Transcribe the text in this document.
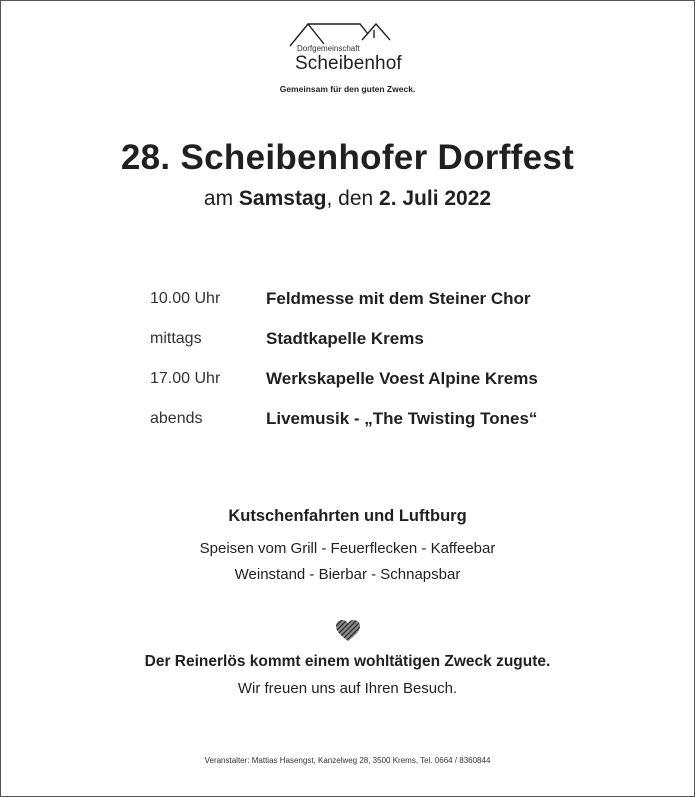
Dorfgemeinschaft
Scheibenhof
Gemeinsam für den guten Zweck.
28. Scheibenhofer Dorffest
am Samstag, den 2. Juli 2022
10.00 Uhr	Feldmesse mit dem Steiner Chor
mittags	Stadtkapelle Krems
17.00 Uhr	Werkskapelle Voest Alpine Krems
abends	Livemusik - „The Twisting Tones“
Kutschenfahrten und Luftburg
Speisen vom Grill - Feuerflecken - Kaffeebar
Weinstand - Bierbar - Schnapsbar
Der Reinerlös kommt einem wohltätigen Zweck zugute.
Wir freuen uns auf Ihren Besuch.
Veranstalter: Mattias Hasengst, Kanzelweg 28, 3500 Krems, Tel. 0664 / 8360844
